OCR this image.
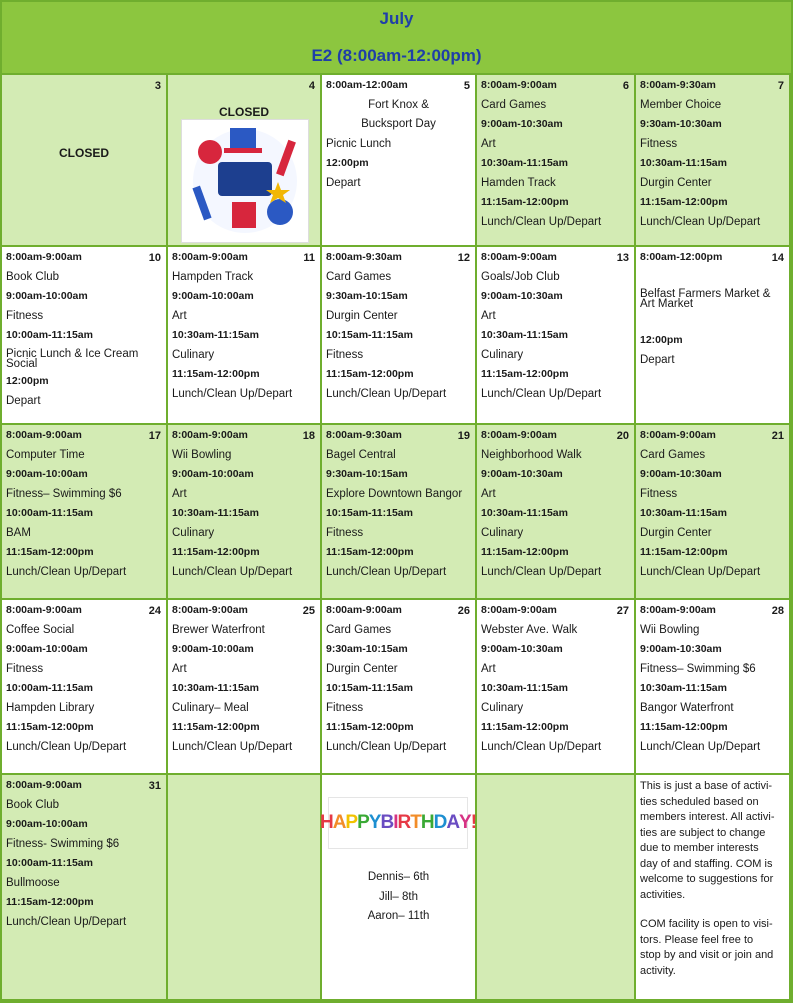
July
E2 (8:00am-12:00pm)
3
CLOSED
4
CLOSED
5
8:00am-12:00am
Fort Knox &
Bucksport Day
Picnic Lunch
12:00pm
Depart
6
8:00am-9:00am
Card Games
9:00am-10:30am
Art
10:30am-11:15am
Hamden Track
11:15am-12:00pm
Lunch/Clean Up/Depart
7
8:00am-9:30am
Member Choice
9:30am-10:30am
Fitness
10:30am-11:15am
Durgin Center
11:15am-12:00pm
Lunch/Clean Up/Depart
10
8:00am-9:00am
Book Club
9:00am-10:00am
Fitness
10:00am-11:15am
Picnic Lunch & Ice Cream
Social
12:00pm
Depart
11
8:00am-9:00am
Hampden Track
9:00am-10:00am
Art
10:30am-11:15am
Culinary
11:15am-12:00pm
Lunch/Clean Up/Depart
12
8:00am-9:30am
Card Games
9:30am-10:15am
Durgin Center
10:15am-11:15am
Fitness
11:15am-12:00pm
Lunch/Clean Up/Depart
13
8:00am-9:00am
Goals/Job Club
9:00am-10:30am
Art
10:30am-11:15am
Culinary
11:15am-12:00pm
Lunch/Clean Up/Depart
14
8:00am-12:00pm
Belfast Farmers Market &
Art Market
12:00pm
Depart
17
8:00am-9:00am
Computer Time
9:00am-10:00am
Fitness– Swimming $6
10:00am-11:15am
BAM
11:15am-12:00pm
Lunch/Clean Up/Depart
18
8:00am-9:00am
Wii Bowling
9:00am-10:00am
Art
10:30am-11:15am
Culinary
11:15am-12:00pm
Lunch/Clean Up/Depart
19
8:00am-9:30am
Bagel Central
9:30am-10:15am
Explore Downtown Bangor
10:15am-11:15am
Fitness
11:15am-12:00pm
Lunch/Clean Up/Depart
20
8:00am-9:00am
Neighborhood Walk
9:00am-10:30am
Art
10:30am-11:15am
Culinary
11:15am-12:00pm
Lunch/Clean Up/Depart
21
8:00am-9:00am
Card Games
9:00am-10:30am
Fitness
10:30am-11:15am
Durgin Center
11:15am-12:00pm
Lunch/Clean Up/Depart
24
8:00am-9:00am
Coffee Social
9:00am-10:00am
Fitness
10:00am-11:15am
Hampden Library
11:15am-12:00pm
Lunch/Clean Up/Depart
25
8:00am-9:00am
Brewer Waterfront
9:00am-10:00am
Art
10:30am-11:15am
Culinary– Meal
11:15am-12:00pm
Lunch/Clean Up/Depart
26
8:00am-9:00am
Card Games
9:30am-10:15am
Durgin Center
10:15am-11:15am
Fitness
11:15am-12:00pm
Lunch/Clean Up/Depart
27
8:00am-9:00am
Webster Ave. Walk
9:00am-10:30am
Art
10:30am-11:15am
Culinary
11:15am-12:00pm
Lunch/Clean Up/Depart
28
8:00am-9:00am
Wii Bowling
9:00am-10:30am
Fitness– Swimming $6
10:30am-11:15am
Bangor Waterfront
11:15am-12:00pm
Lunch/Clean Up/Depart
31
8:00am-9:00am
Book Club
9:00am-10:00am
Fitness- Swimming $6
10:00am-11:15am
Bullmoose
11:15am-12:00pm
Lunch/Clean Up/Depart
H A P P Y B I R T H D A Y !
Dennis– 6th
Jill– 8th
Aaron– 11th
This is just a base of activi-
ties scheduled based on
members interest. All activi-
ties are subject to change
due to member interests
day of and staffing. COM is
welcome to suggestions for
activities.
COM facility is open to visi-
tors. Please feel free to
stop by and visit or join and
activity.
